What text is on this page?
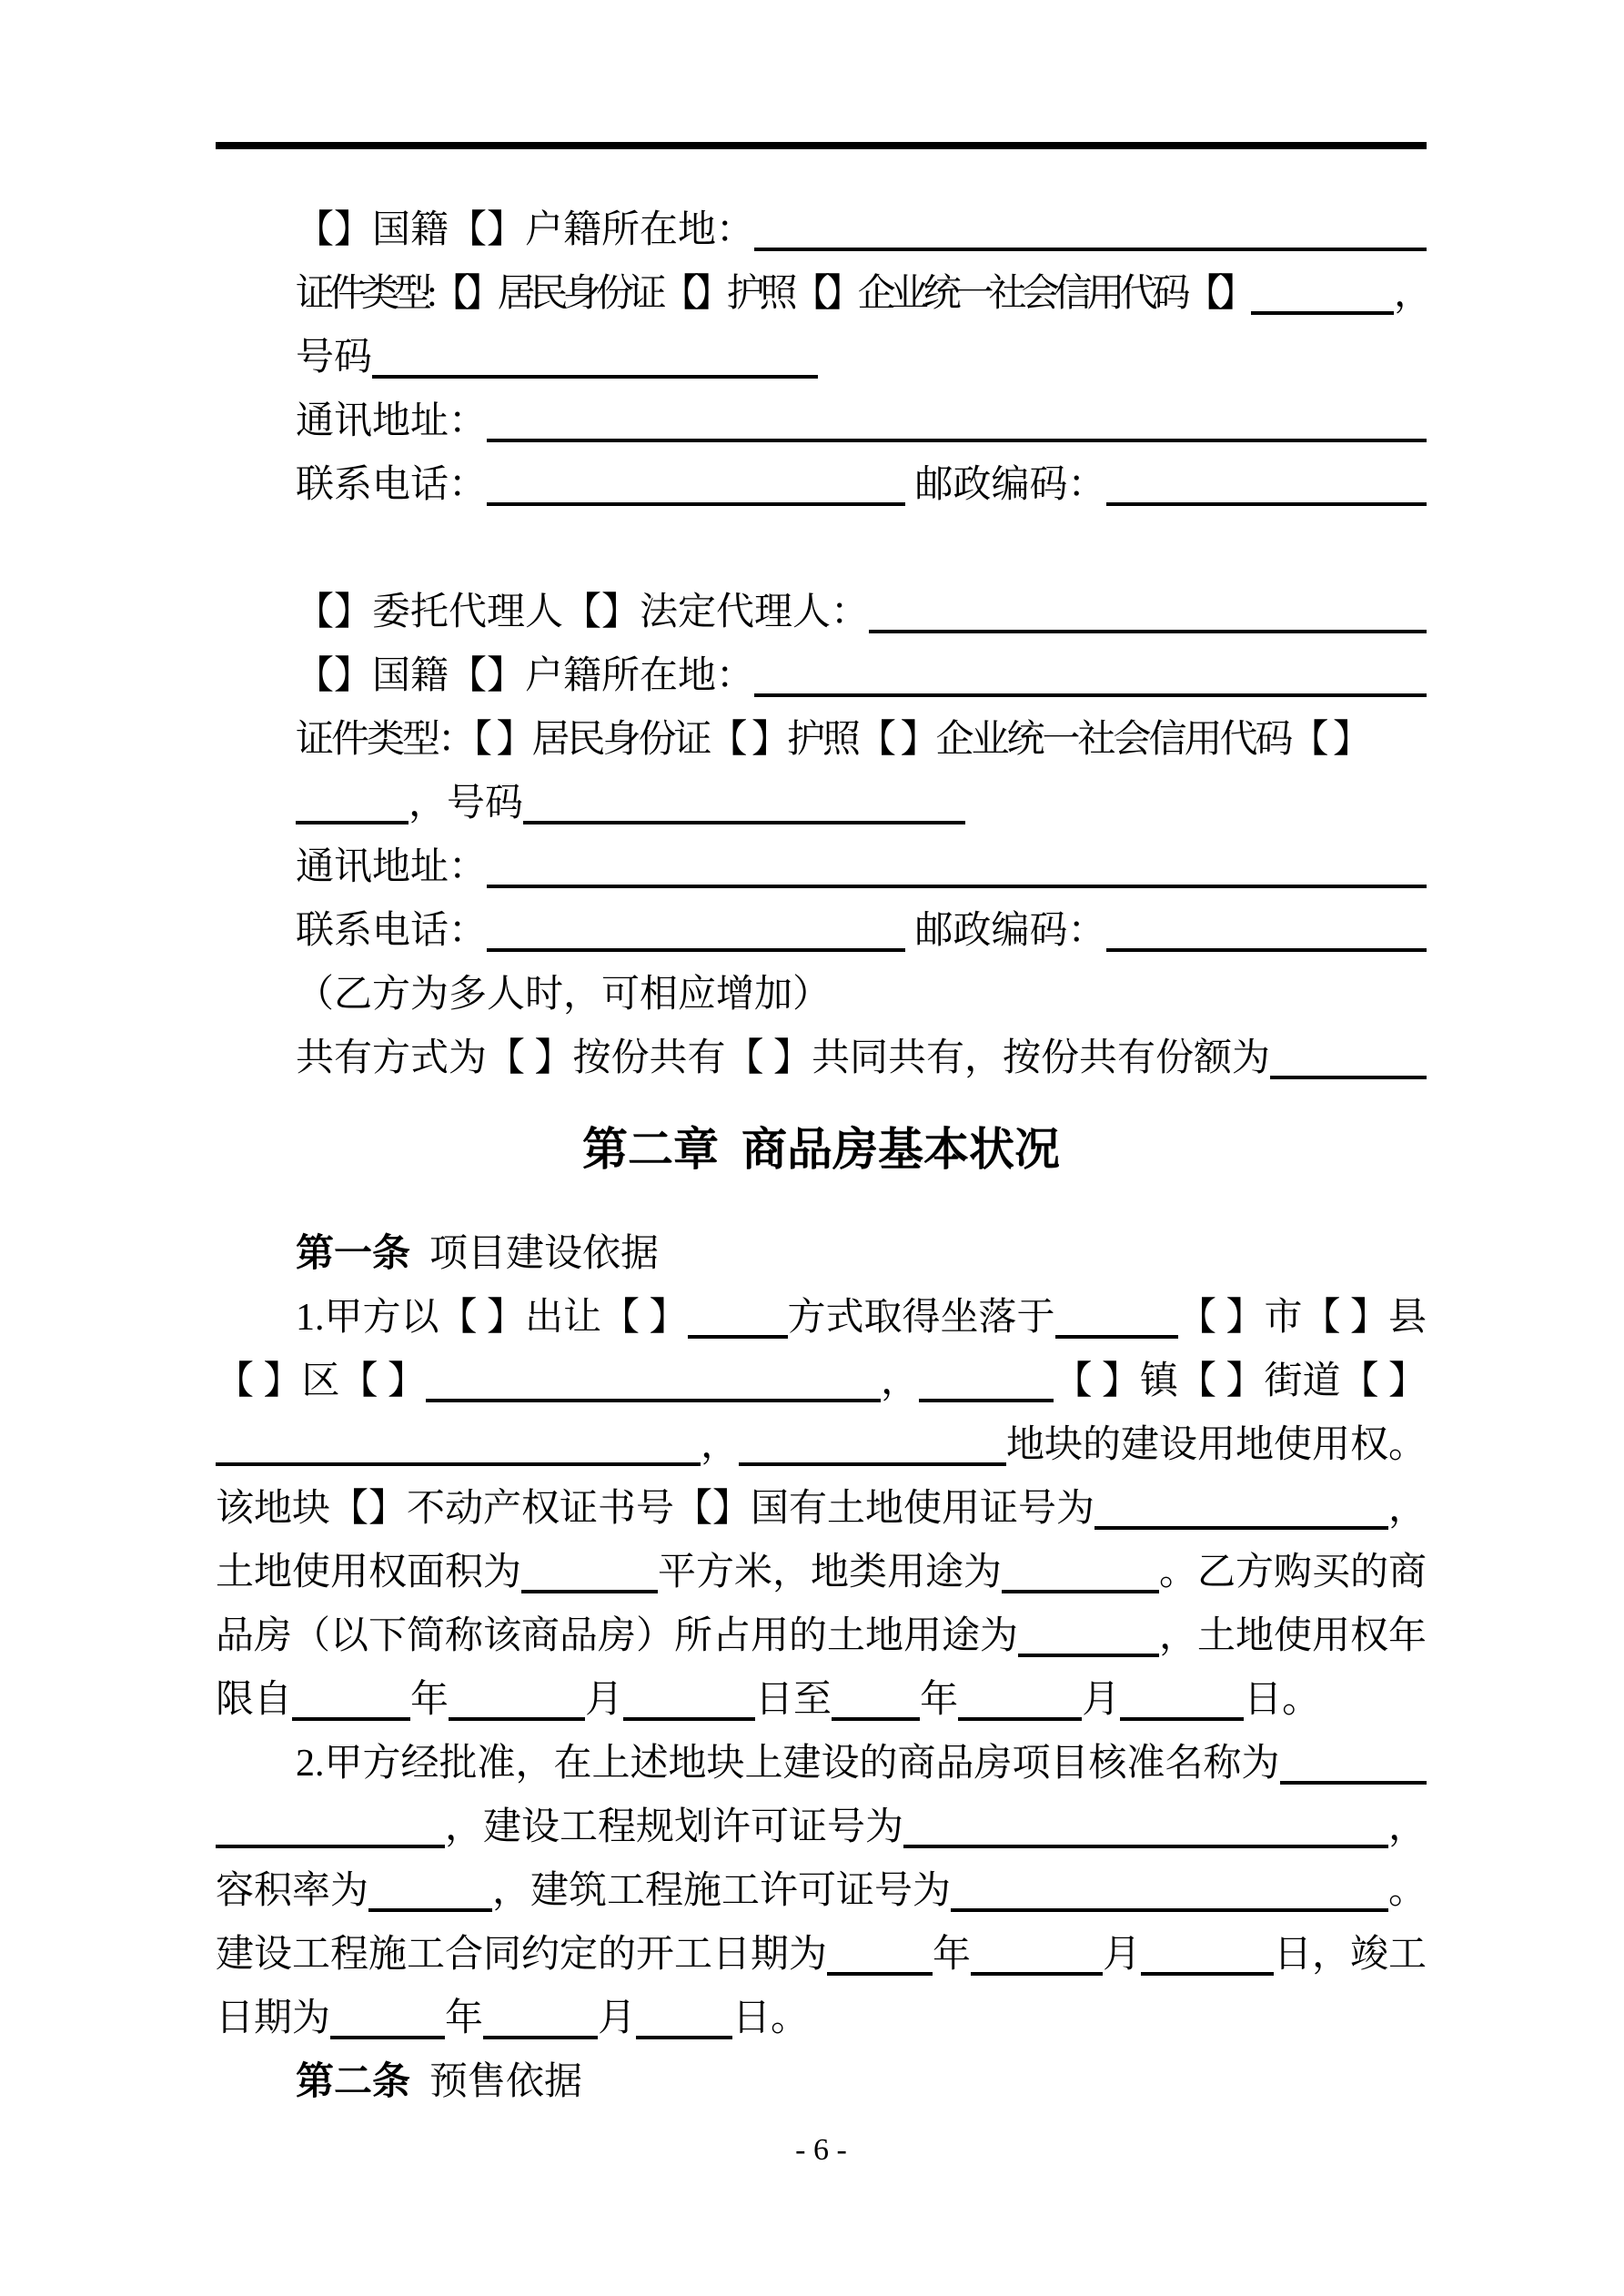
【】国籍【】户籍所在地：
证件类型:【】居民身份证【】护照【】企业统一社会信用代码【】	，
号码
通讯地址：
联系电话：	邮政编码：
【】委托代理人【】法定代理人：
【】国籍【】户籍所在地：
证件类型：【 】居民身份证【 】护照【 】企业统一社会信用代码【 】
，号码
通讯地址：
联系电话：	邮政编码：
（乙方为多人时，可相应增加）
共有方式为【 】按份共有【 】共同共有，按份共有份额为
第二章  商品房基本状况
第一条 项目建设依据
1.甲方以【 】出让【 】	方式取得坐落于	【 】市【 】县
【 】区【 】	，	【 】镇【 】街道【 】
，	地块的建设用地使用权。
该地块【】不动产权证书号【】国有土地使用证号为	，
土地使用权面积为	平方米，地类用途为	。乙方购买的商
品房（以下简称该商品房）所占用的土地用途为	，土地使用权年
限自	年	月	日至 年	月	日。
2.甲方经批准，在上述地块上建设的商品房项目核准名称为
，建设工程规划许可证号为	，
容积率为	，建筑工程施工许可证号为	。
建设工程施工合同约定的开工日期为	年	月	日，竣工
日期为	年	月	日。
第二条 预售依据
- 6 -
